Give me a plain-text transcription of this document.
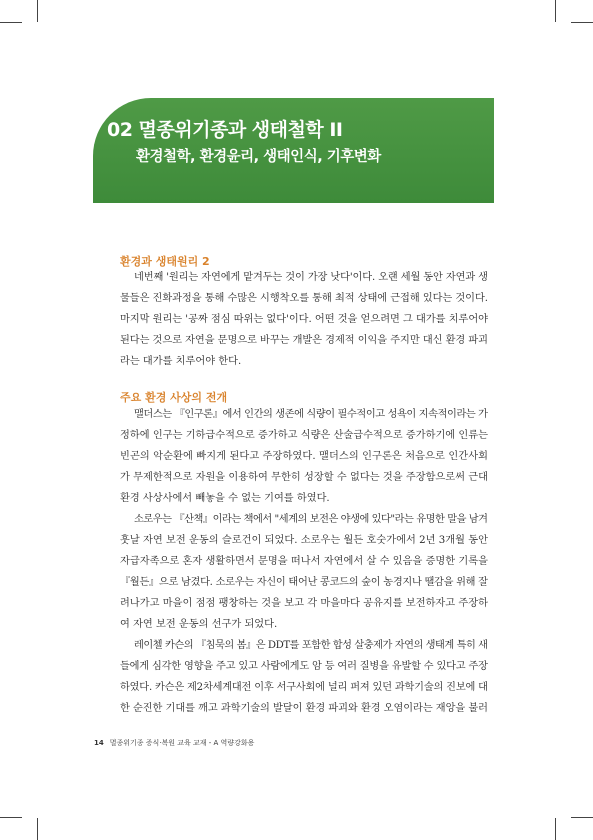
02 멸종위기종과 생태철학 II
환경철학, 환경윤리, 생태인식, 기후변화
환경과 생태원리 2
네번째 '원리는 자연에게 맡겨두는 것이 가장 낫다'이다. 오랜 세월 동안 자연과 생
물들은 진화과정을 통해 수많은 시행착오를 통해 최적 상태에 근접해 있다는 것이다.
마지막 원리는 '공짜 점심 따위는 없다'이다. 어떤 것을 얻으려면 그 대가를 치루어야
된다는 것으로 자연을 문명으로 바꾸는 개발은 경제적 이익을 주지만 대신 환경 파괴
라는 대가를 치루어야 한다.
주요 환경 사상의 전개
맬더스는 『인구론』에서 인간의 생존에 식량이 필수적이고 성욕이 지속적이라는 가
정하에 인구는 기하급수적으로 증가하고 식량은 산술급수적으로 증가하기에 인류는
빈곤의 악순환에 빠지게 된다고 주장하였다. 맬더스의 인구론은 처음으로 인간사회
가 무제한적으로 자원을 이용하여 무한히 성장할 수 없다는 것을 주장함으로써 근대
환경 사상사에서 빼놓을 수 없는 기여를 하였다.
소로우는 『산책』이라는 책에서 "세계의 보전은 야생에 있다"라는 유명한 말을 남겨
훗날 자연 보전 운동의 슬로건이 되었다. 소로우는 월든 호숫가에서 2년 3개월 동안
자급자족으로 혼자 생활하면서 문명을 떠나서 자연에서 살 수 있음을 증명한 기록을
『월든』으로 남겼다. 소로우는 자신이 태어난 콩코드의 숲이 농경지나 땔감을 위해 잘
려나가고 마을이 점점 팽창하는 것을 보고 각 마을마다 공유지를 보전하자고 주장하
여 자연 보전 운동의 선구가 되었다.
레이첼 카슨의 『침묵의 봄』은 DDT를 포함한 합성 살충제가 자연의 생태계 특히 새
들에게 심각한 영향을 주고 있고 사람에게도 암 등 여러 질병을 유발할 수 있다고 주장
하였다. 카슨은 제2차세계대전 이후 서구사회에 널리 퍼져 있던 과학기술의 진보에 대
한 순진한 기대를 깨고 과학기술의 발달이 환경 파괴와 환경 오염이라는 재앙을 불러
14 멸종위기종 증식·복원 교육 교재 - A 역량강화용
